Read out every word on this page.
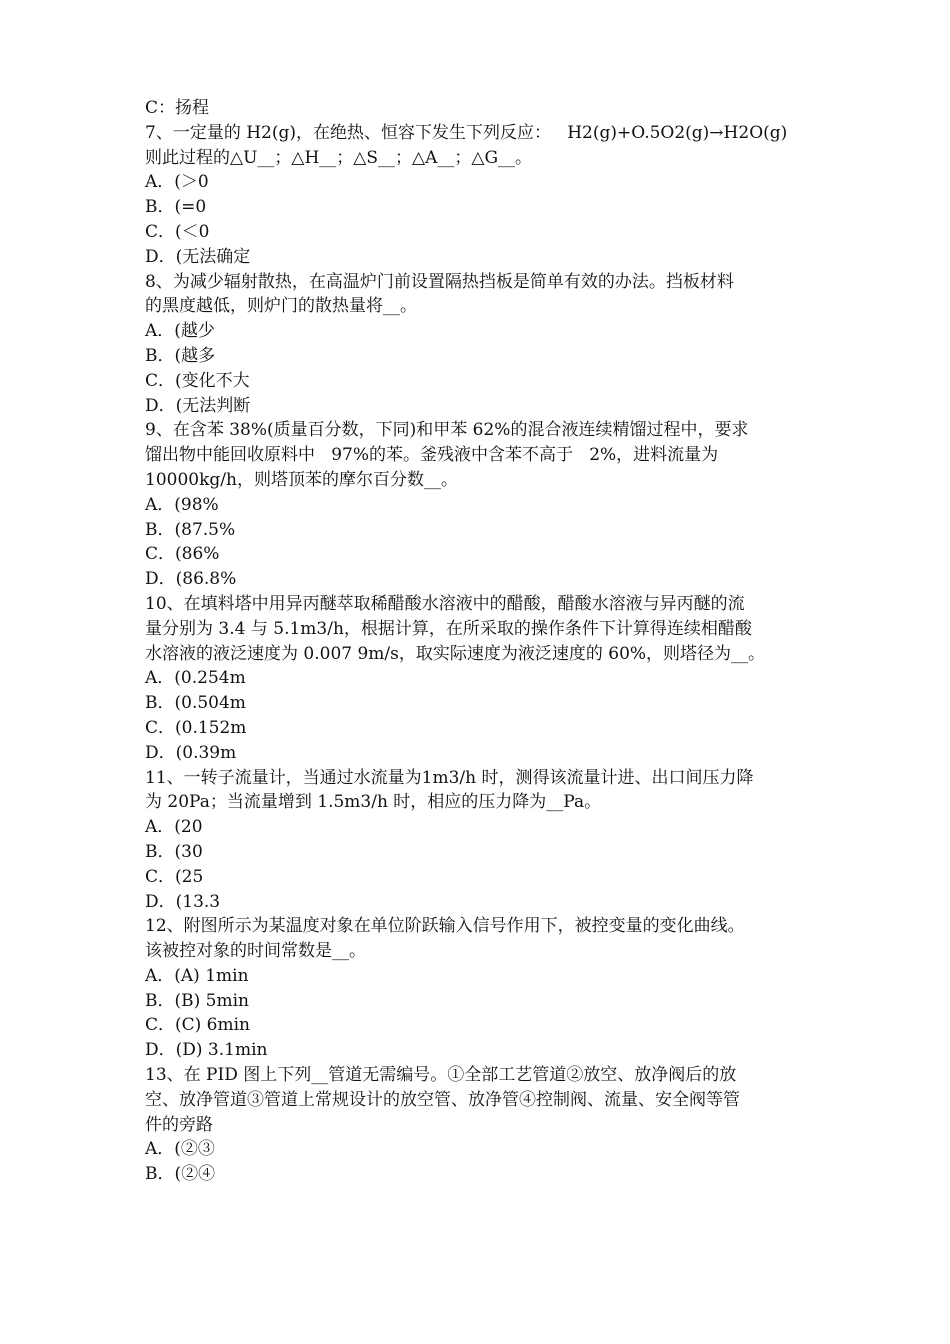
C：扬程
7、一定量的 H2(g)，在绝热、恒容下发生下列反应：   H2(g)+O.5O2(g)→H2O(g)
则此过程的△U__；△H__；△S__；△A__；△G__。
A．(＞0
B．(=0
C．(＜0
D．(无法确定
8、为减少辐射散热，在高温炉门前设置隔热挡板是简单有效的办法。挡板材料
的黑度越低，则炉门的散热量将__。
A．(越少
B．(越多
C．(变化不大
D．(无法判断
9、在含苯 38%(质量百分数，下同)和甲苯 62%的混合液连续精馏过程中，要求
馏出物中能回收原料中   97%的苯。釜残液中含苯不高于   2%，进料流量为
10000kg/h，则塔顶苯的摩尔百分数__。
A．(98%
B．(87.5%
C．(86%
D．(86.8%
10、在填料塔中用异丙醚萃取稀醋酸水溶液中的醋酸，醋酸水溶液与异丙醚的流
量分别为 3.4 与 5.1m3/h，根据计算，在所采取的操作条件下计算得连续相醋酸
水溶液的液泛速度为 0.007 9m/s，取实际速度为液泛速度的 60%，则塔径为__。
A．(0.254m
B．(0.504m
C．(0.152m
D．(0.39m
11、一转子流量计，当通过水流量为1m3/h 时，测得该流量计进、出口间压力降
为 20Pa；当流量增到 1.5m3/h 时，相应的压力降为__Pa。
A．(20
B．(30
C．(25
D．(13.3
12、附图所示为某温度对象在单位阶跃输入信号作用下，被控变量的变化曲线。
该被控对象的时间常数是__。
A．(A) 1min
B．(B) 5min
C．(C) 6min
D．(D) 3.1min
13、在 PID 图上下列__管道无需编号。①全部工艺管道②放空、放净阀后的放
空、放净管道③管道上常规设计的放空管、放净管④控制阀、流量、安全阀等管
件的旁路
A．(②③
B．(②④
